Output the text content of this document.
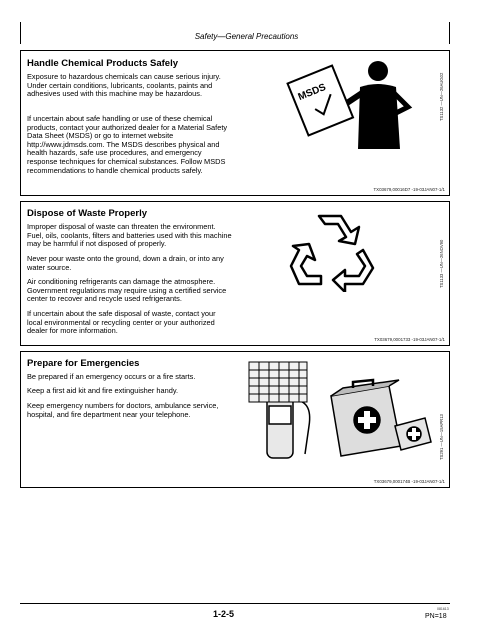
Safety—General Precautions
Handle Chemical Products Safely
Exposure to hazardous chemicals can cause serious injury. Under certain conditions, lubricants, coolants, paints and adhesives used with this machine may be hazardous.
If uncertain about safe handling or use of these chemical products, contact your authorized dealer for a Material Safety Data Sheet (MSDS) or go to internet website http://www.jdmsds.com. The MSDS describes physical and health hazards, safe use procedures, and emergency response techniques for chemical substances. Follow MSDS recommendations to handle chemical products safely.
MSDS	TS1132 —UN—26AUG02
TX03679,00016D7 -19-03JAN07-1/1
Dispose of Waste Properly
Improper disposal of waste can threaten the environment. Fuel, oils, coolants, filters and batteries used with this machine may be harmful if not disposed of properly.
Never pour waste onto the ground, down a drain, or into any water source.
Air conditioning refrigerants can damage the atmosphere. Government regulations may require using a certified service center to recover and recycle used refrigerants.
If uncertain about the safe disposal of waste, contact your local environmental or recycling center or your authorized dealer for more information.
TS1133 —UN—26NOV90
TX03679,0001733 -19-03JAN07-1/1
Prepare for Emergencies
Be prepared if an emergency occurs or a fire starts.
Keep a first aid kit and fire extinguisher handy.
Keep emergency numbers for doctors, ambulance service, hospital, and fire department near your telephone.
TS291 —UN—15APR13
TX03679,000174B -19-03JAN07-1/1
1-2-5	081613
PN=18
